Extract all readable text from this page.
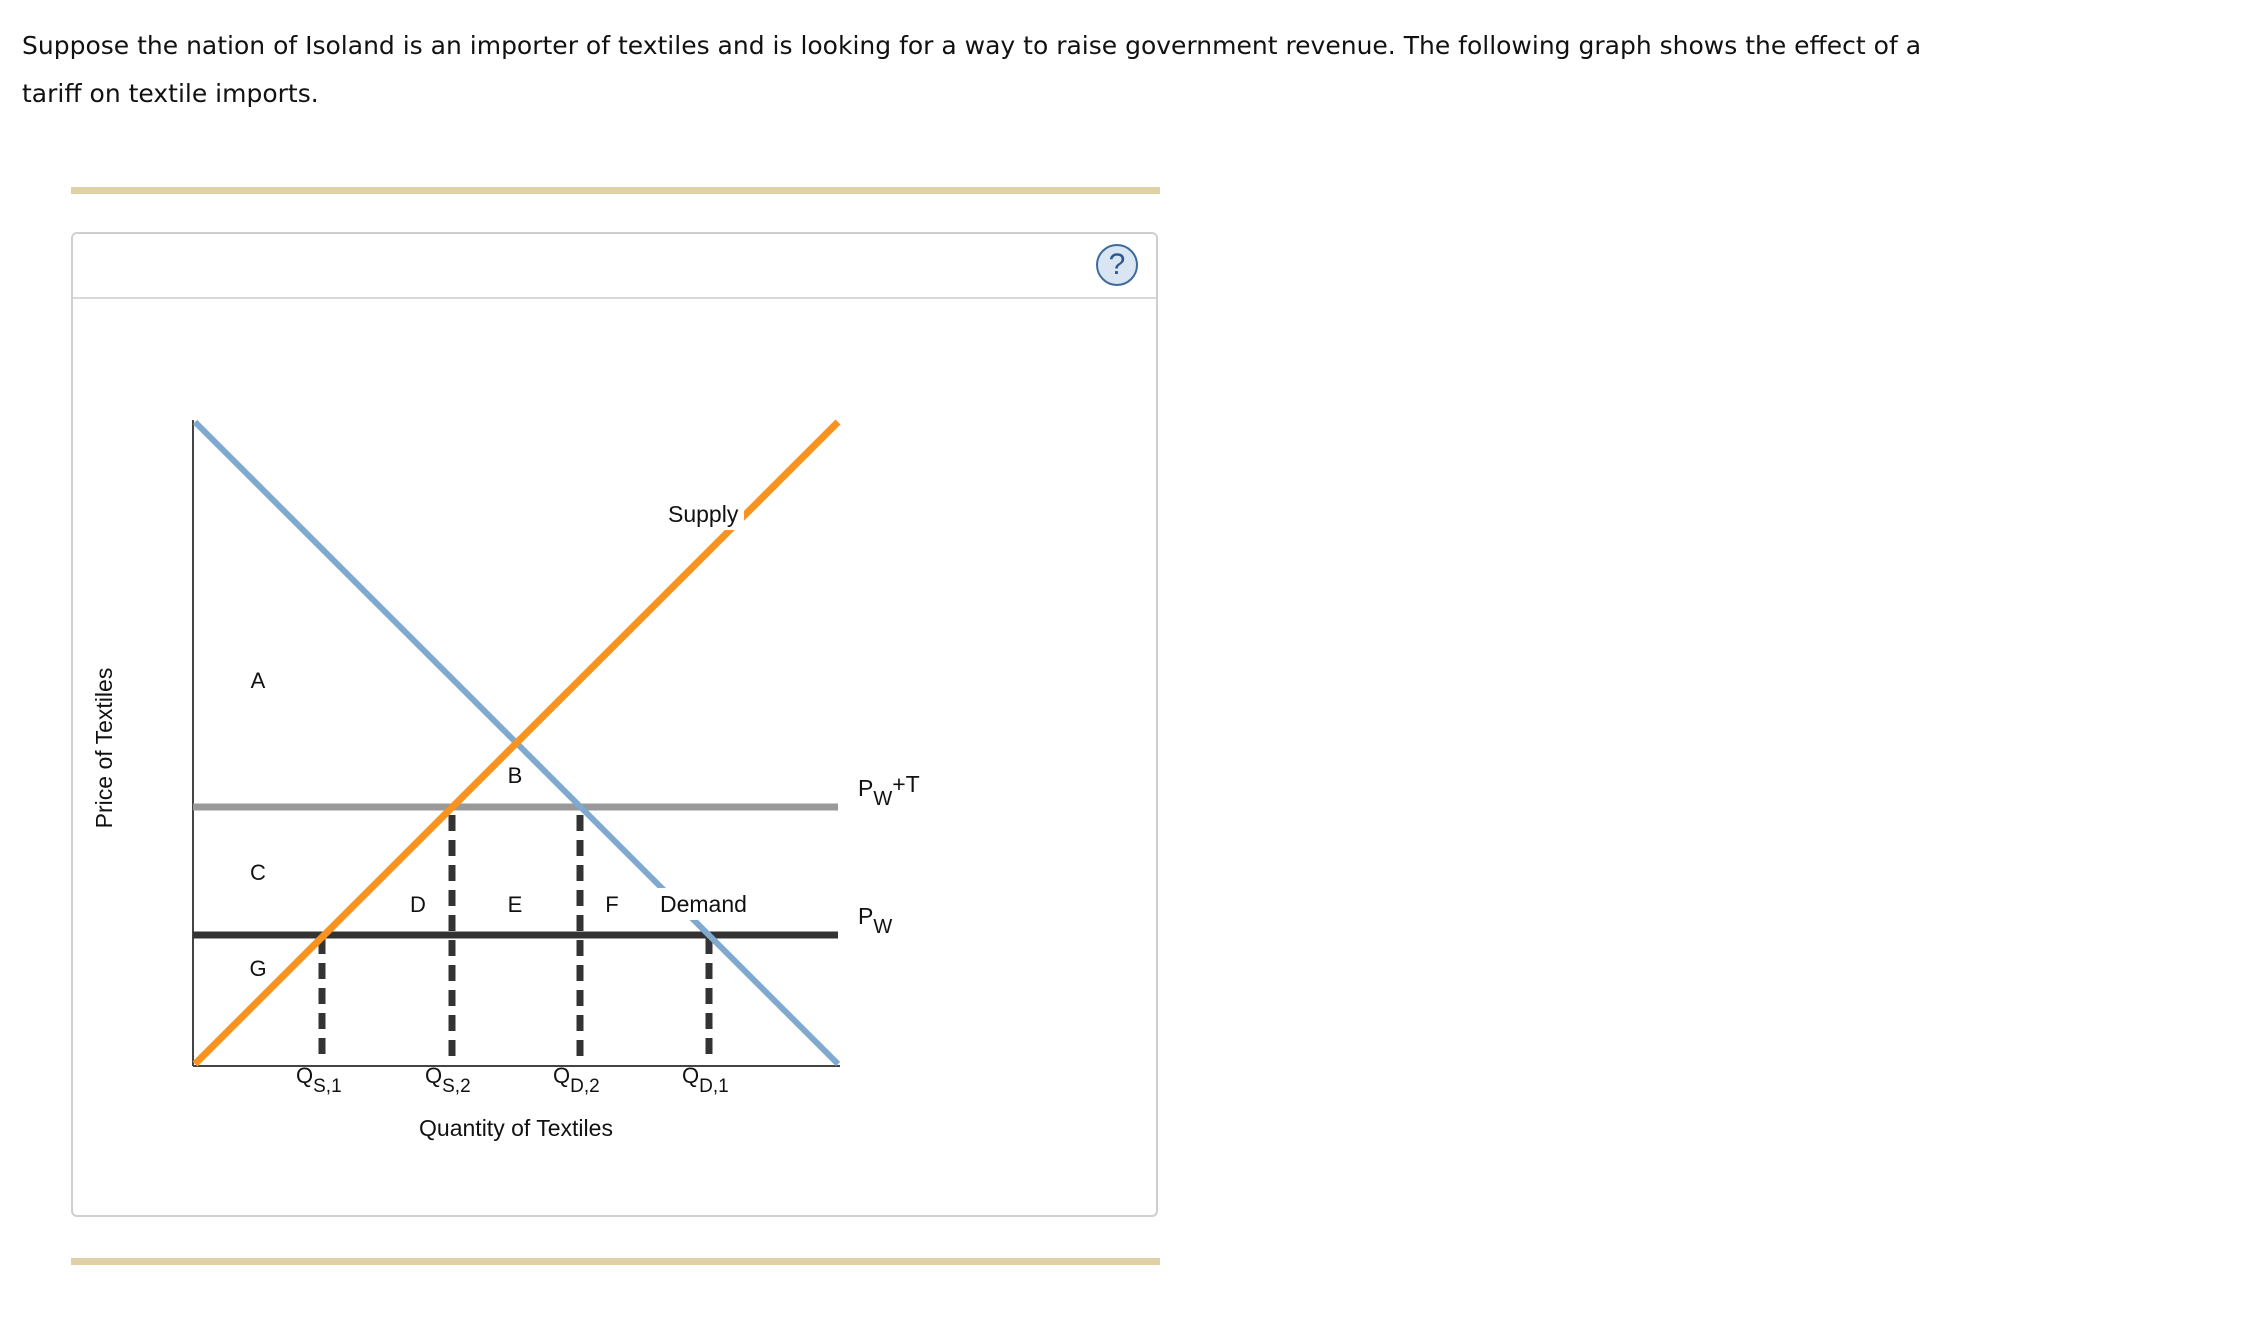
Suppose the nation of Isoland is an importer of textiles and is looking for a way to raise government revenue. The following graph shows the effect of a tariff on textile imports.
?
Supply
Demand
A
B
C
D	E	F
G
PW+T
PW
QS,1	QS,2	QD,2	QD,1
Quantity of Textiles
Price of Textiles
